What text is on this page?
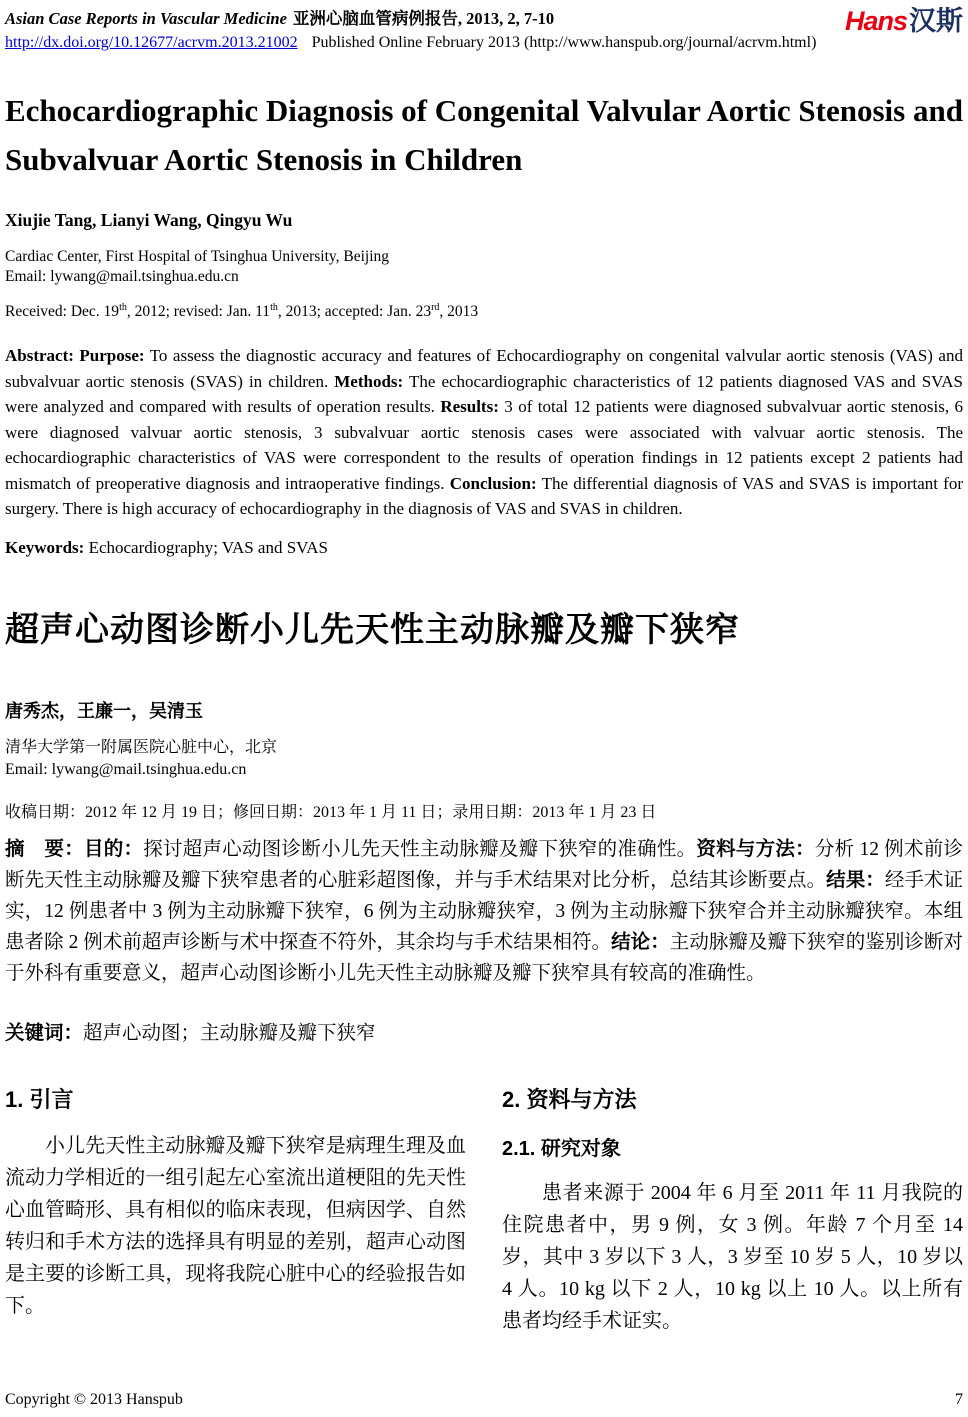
Asian Case Reports in Vascular Medicine 亚洲心脑血管病例报告, 2013, 2, 7-10
http://dx.doi.org/10.12677/acrvm.2013.21002 Published Online February 2013 (http://www.hanspub.org/journal/acrvm.html)
Hans汉斯
Echocardiographic Diagnosis of Congenital Valvular Aortic Stenosis and Subvalvuar Aortic Stenosis in Children
Xiujie Tang, Lianyi Wang, Qingyu Wu
Cardiac Center, First Hospital of Tsinghua University, Beijing
Email: lywang@mail.tsinghua.edu.cn
Received: Dec. 19th, 2012; revised: Jan. 11th, 2013; accepted: Jan. 23rd, 2013

Abstract: Purpose: To assess the diagnostic accuracy and features of Echocardiography on congenital valvular aortic stenosis (VAS) and subvalvuar aortic stenosis (SVAS) in children. Methods: The echocardiographic characteristics of 12 patients diagnosed VAS and SVAS were analyzed and compared with results of operation results. Results: 3 of total 12 patients were diagnosed subvalvuar aortic stenosis, 6 were diagnosed valvuar aortic stenosis, 3 subvalvuar aortic stenosis cases were associated with valvuar aortic stenosis. The echocardiographic characteristics of VAS were correspondent to the results of operation findings in 12 patients except 2 patients had mismatch of preoperative diagnosis and intraoperative findings. Conclusion: The differential diagnosis of VAS and SVAS is important for surgery. There is high accuracy of echocardiography in the diagnosis of VAS and SVAS in children.

Keywords: Echocardiography; VAS and SVAS

超声心动图诊断小儿先天性主动脉瓣及瓣下狭窄
唐秀杰，王廉一，吴清玉
清华大学第一附属医院心脏中心，北京
Email: lywang@mail.tsinghua.edu.cn
收稿日期：2012 年 12 月 19 日；修回日期：2013 年 1 月 11 日；录用日期：2013 年 1 月 23 日

摘　要：目的：探讨超声心动图诊断小儿先天性主动脉瓣及瓣下狭窄的准确性。资料与方法：分析 12 例术前诊断先天性主动脉瓣及瓣下狭窄患者的心脏彩超图像，并与手术结果对比分析，总结其诊断要点。结果：经手术证实，12 例患者中 3 例为主动脉瓣下狭窄，6 例为主动脉瓣狭窄，3 例为主动脉瓣下狭窄合并主动脉瓣狭窄。本组患者除 2 例术前超声诊断与术中探查不符外，其余均与手术结果相符。结论：主动脉瓣及瓣下狭窄的鉴别诊断对于外科有重要意义，超声心动图诊断小儿先天性主动脉瓣及瓣下狭窄具有较高的准确性。

关键词：超声心动图；主动脉瓣及瓣下狭窄

1. 引言

小儿先天性主动脉瓣及瓣下狭窄是病理生理及血流动力学相近的一组引起左心室流出道梗阻的先天性心血管畸形、具有相似的临床表现，但病因学、自然转归和手术方法的选择具有明显的差别，超声心动图是主要的诊断工具，现将我院心脏中心的经验报告如下。

2. 资料与方法
2.1. 研究对象

患者来源于 2004 年 6 月至 2011 年 11 月我院的住院患者中，男 9 例，女 3 例。年龄 7 个月至 14 岁，其中 3 岁以下 3 人，3 岁至 10 岁 5 人，10 岁以 4 人。10 kg 以下 2 人，10 kg 以上 10 人。以上所有患者均经手术证实。

Copyright © 2013 Hanspub	7
